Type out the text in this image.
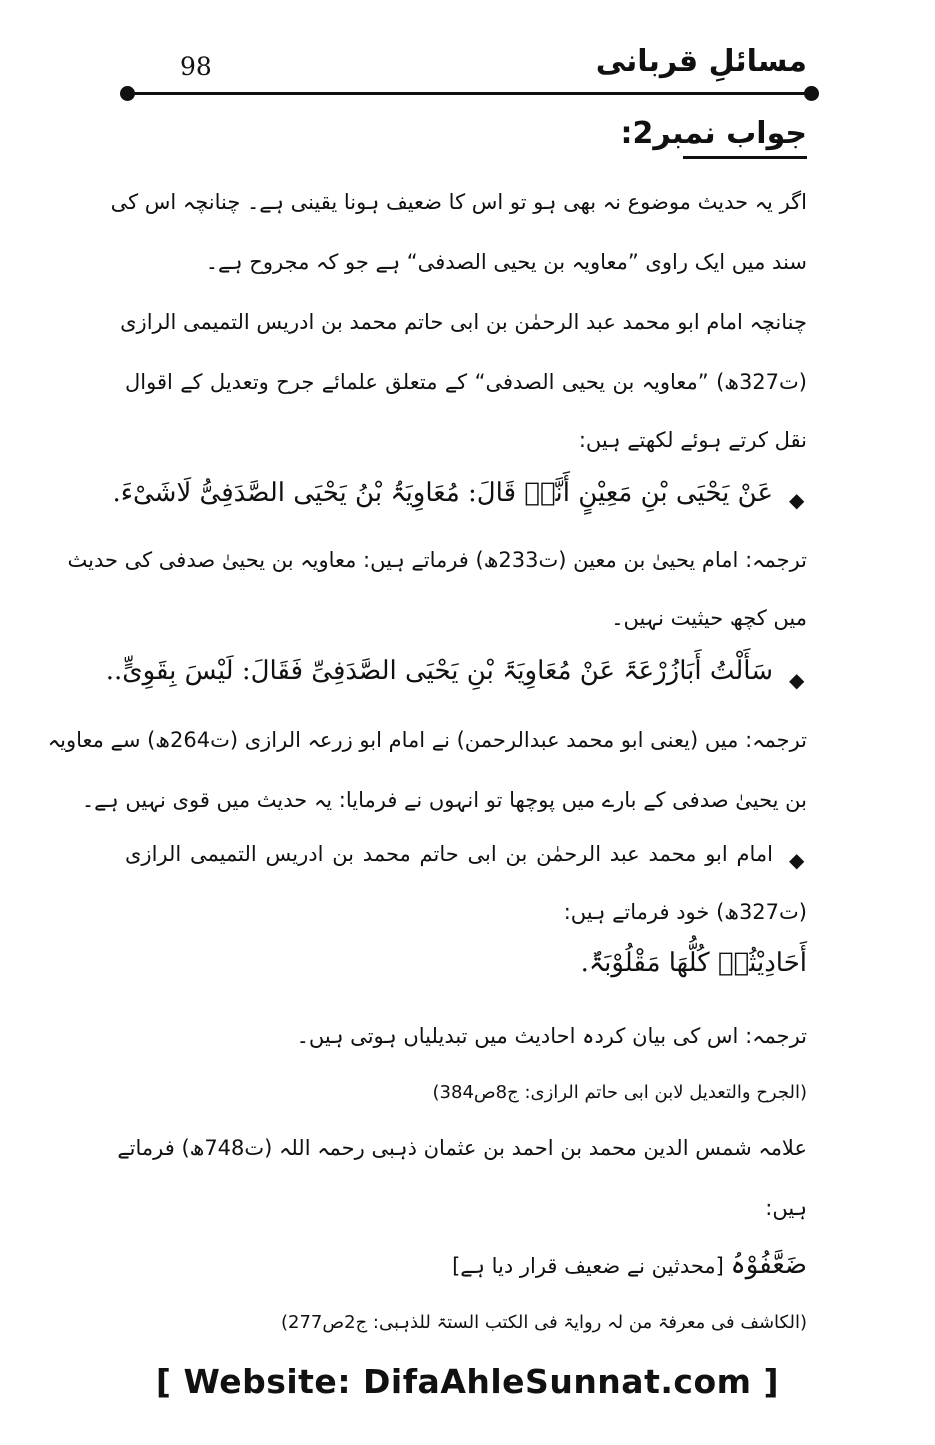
مسائلِ قربانی
98
جواب نمبر2:
اگر یہ حدیث موضوع نہ بھی ہو تو اس کا ضعیف ہونا یقینی ہے۔ چنانچہ اس کی
سند میں ایک راوی ”معاویہ بن یحیی الصدفی“ ہے جو کہ مجروح ہے۔
چنانچہ امام ابو محمد عبد الرحمٰن بن ابی حاتم محمد بن ادریس التمیمی الرازی
(ت327ھ) ”معاویہ بن یحیی الصدفی“ کے متعلق علمائے جرح وتعدیل کے اقوال
نقل کرتے ہوئے لکھتے ہیں:
◆
عَنْ یَحْیَی بْنِ مَعِیْنٍ أَنَّہٗ قَالَ: مُعَاوِیَۃُ بْنُ یَحْیَی الصَّدَفِیُّ لَاشَیْءَ.
ترجمہ: امام یحییٰ بن معین (ت233ھ) فرماتے ہیں: معاویہ بن یحییٰ صدفی کی حدیث
میں کچھ حیثیت نہیں۔
◆
سَأَلْتُ أَبَازُرْعَۃَ عَنْ مُعَاوِیَۃَ بْنِ یَحْیَی الصَّدَفِیِّ فَقَالَ: لَیْسَ بِقَوِیٍّ..
ترجمہ: میں (یعنی ابو محمد عبدالرحمن) نے امام ابو زرعہ الرازی (ت264ھ) سے معاویہ
بن یحییٰ صدفی کے بارے میں پوچھا تو انہوں نے فرمایا: یہ حدیث میں قوی نہیں ہے۔
◆
امام ابو محمد عبد الرحمٰن بن ابی حاتم محمد بن ادریس التمیمی الرازی
(ت327ھ) خود فرماتے ہیں:
أَحَادِیْثُہٗ کُلُّھَا مَقْلُوْبَۃٌ.
ترجمہ: اس کی بیان کردہ احادیث میں تبدیلیاں ہوتی ہیں۔
(الجرح والتعدیل لابن ابی حاتم الرازی: ج8ص384)
علامہ شمس الدین محمد بن احمد بن عثمان ذہبی رحمہ اللہ (ت748ھ) فرماتے
ہیں:
ضَعَّفُوْہُ [محدثین نے ضعیف قرار دیا ہے]
(الکاشف فی معرفۃ من لہ روایۃ فی الکتب الستۃ للذہبی: ج2ص277)
[ Website: DifaAhleSunnat.com ]
